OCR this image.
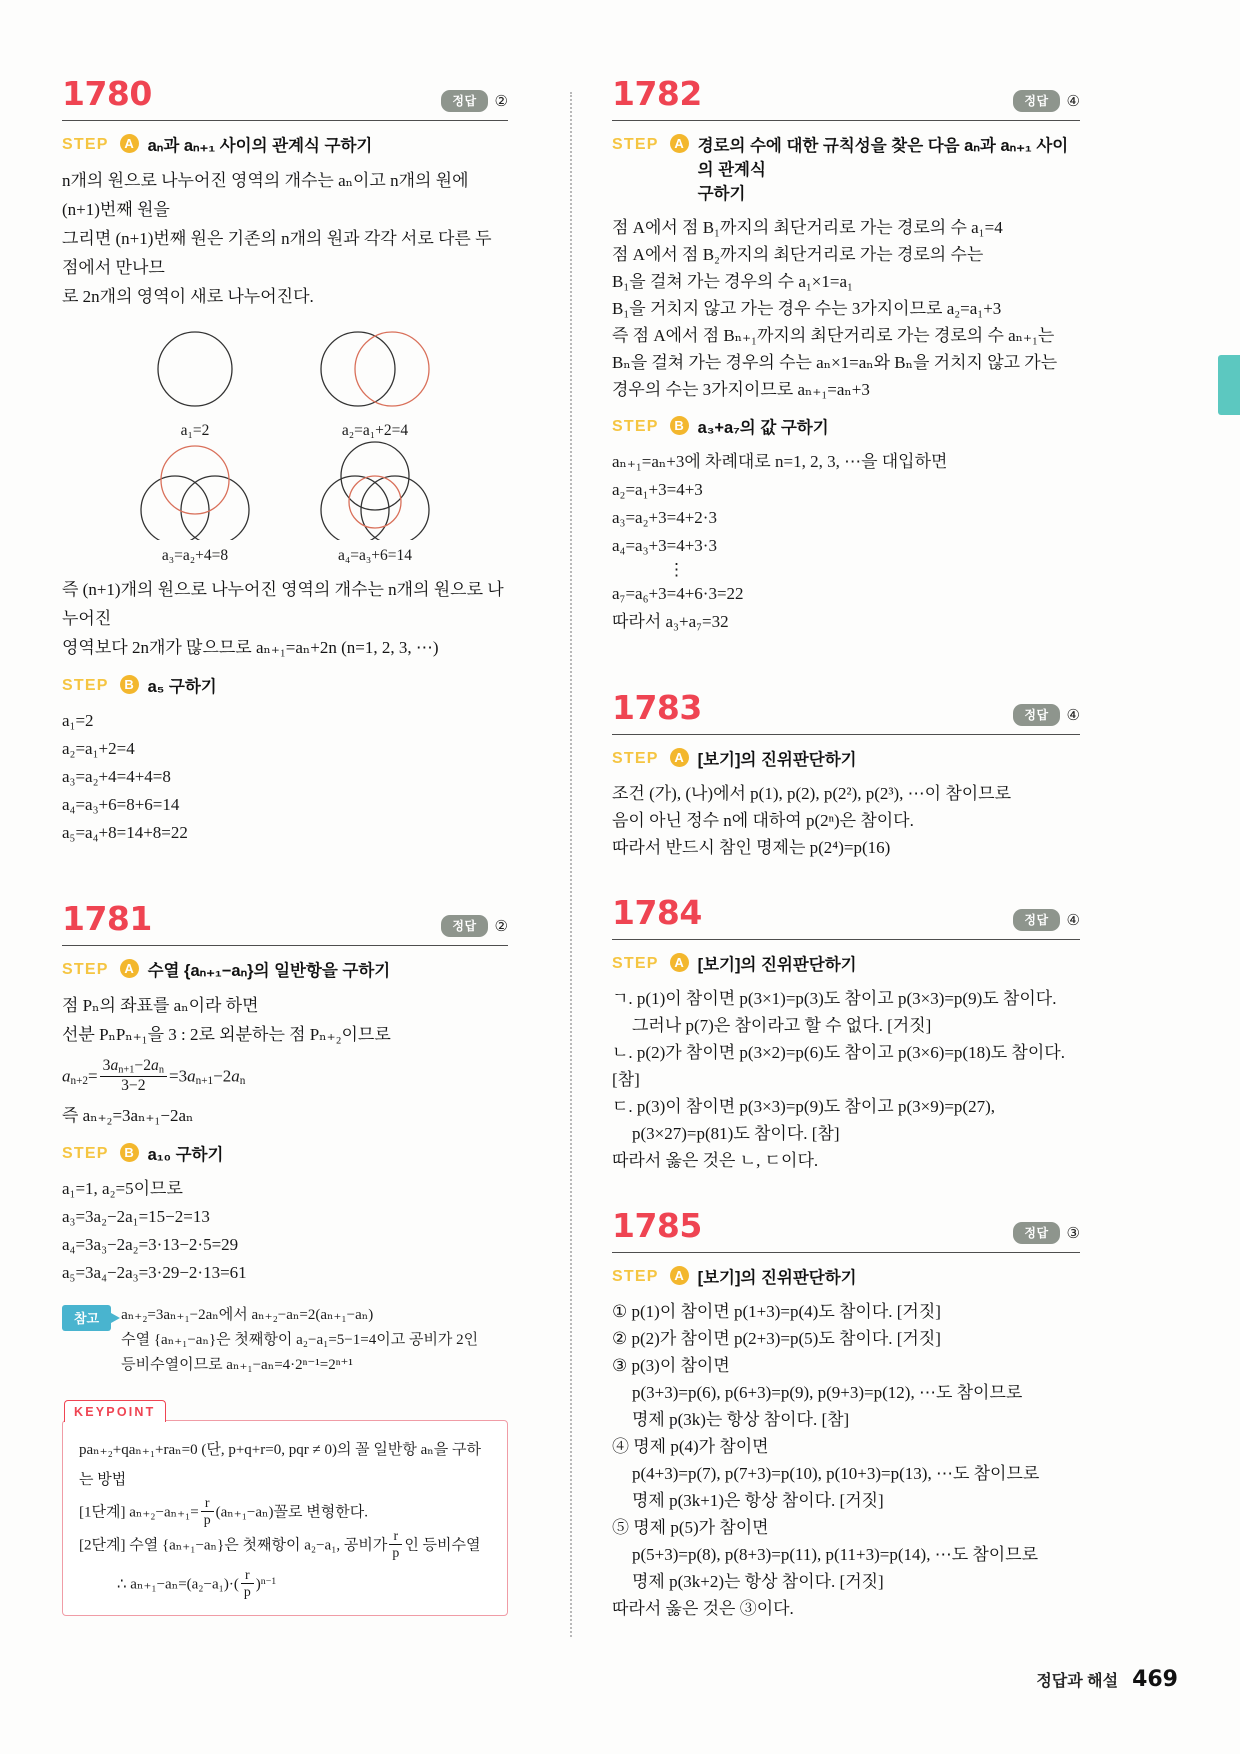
1780	정답	②
STEP	A aₙ과 aₙ₊₁ 사이의 관계식 구하기

n개의 원으로 나누어진 영역의 개수는 aₙ이고 n개의 원에 (n+1)번째 원을

그리면 (n+1)번째 원은 기존의 n개의 원과 각각 서로 다른 두 점에서 만나므

로 2n개의 영역이 새로 나누어진다.

a₁=2	a₂=a₁+2=4
a₃=a₂+4=8	a₄=a₃+6=14

즉 (n+1)개의 원으로 나누어진 영역의 개수는 n개의 원으로 나누어진

영역보다 2n개가 많으므로 aₙ₊₁=aₙ+2n (n=1, 2, 3, ⋯)

STEP	B a₅ 구하기

a₁=2

a₂=a₁+2=4

a₃=a₂+4=4+4=8

a₄=a₃+6=8+6=14

a₅=a₄+8=14+8=22

1781	정답	②
STEP	A 수열 {aₙ₊₁−aₙ}의 일반항을 구하기

점 Pₙ의 좌표를 aₙ이라 하면

선분 PₙPₙ₊₁을 3 : 2로 외분하는 점 Pₙ₊₂이므로

$a_{n+2}= \frac{3a_{n+1}-2a_n}{3-2} =3a_{n+1}-2a_n$

즉 aₙ₊₂=3aₙ₊₁−2aₙ

STEP	B a₁₀ 구하기

a₁=1, a₂=5이므로

a₃=3a₂−2a₁=15−2=13

a₄=3a₃−2a₂=3·13−2·5=29

a₅=3a₄−2a₃=3·29−2·13=61

참고	aₙ₊₂=3aₙ₊₁−2aₙ에서 aₙ₊₂−aₙ=2(aₙ₊₁−aₙ)

수열 {aₙ₊₁−aₙ}은 첫째항이 a₂−a₁=5−1=4이고 공비가 2인

등비수열이므로 aₙ₊₁−aₙ=4·2ⁿ⁻¹=2ⁿ⁺¹

KEYPOINT

paₙ₊₂+qaₙ₊₁+raₙ=0 (단, p+q+r=0, pqr ≠ 0)의 꼴 일반항 aₙ을 구하는 방법

[1단계] $a_{n+2}-a_{n+1}= \frac{r}{p} (a_{n+1}-a_n)$꼴로 변형한다.

[2단계] 수열 {aₙ₊₁−aₙ}은 첫째항이 a₂−a₁, 공비가 $\frac{r}{p}$ 인 등비수열

∴ $a_{n+1}-a_n=(a_2-a_1)\cdot( \frac{r}{p} )^{n-1}$

1782	정답	④
STEP	A 경로의 수에 대한 규칙성을 찾은 다음 aₙ과 aₙ₊₁ 사이의 관계식
구하기

점 A에서 점 B₁까지의 최단거리로 가는 경로의 수 a₁=4

점 A에서 점 B₂까지의 최단거리로 가는 경로의 수는

B₁을 걸쳐 가는 경우의 수 a₁×1=a₁

B₁을 거치지 않고 가는 경우 수는 3가지이므로 a₂=a₁+3

즉 점 A에서 점 Bₙ₊₁까지의 최단거리로 가는 경로의 수 aₙ₊₁는

Bₙ을 걸쳐 가는 경우의 수는 aₙ×1=aₙ와 Bₙ을 거치지 않고 가는

경우의 수는 3가지이므로 aₙ₊₁=aₙ+3

STEP	B a₃+a₇의 값 구하기

aₙ₊₁=aₙ+3에 차례대로 n=1, 2, 3, ⋯을 대입하면

a₂=a₁+3=4+3

a₃=a₂+3=4+2·3

a₄=a₃+3=4+3·3

⋮

a₇=a₆+3=4+6·3=22

따라서 a₃+a₇=32

1783	정답	④
STEP	A [보기]의 진위판단하기

조건 (가), (나)에서 p(1), p(2), p(2²), p(2³), ⋯이 참이므로

음이 아닌 정수 n에 대하여 p(2ⁿ)은 참이다.

따라서 반드시 참인 명제는 p(2⁴)=p(16)

1784	정답	④
STEP	A [보기]의 진위판단하기

ㄱ. p(1)이 참이면 p(3×1)=p(3)도 참이고 p(3×3)=p(9)도 참이다.

그러나 p(7)은 참이라고 할 수 없다. [거짓]

ㄴ. p(2)가 참이면 p(3×2)=p(6)도 참이고 p(3×6)=p(18)도 참이다. [참]

ㄷ. p(3)이 참이면 p(3×3)=p(9)도 참이고 p(3×9)=p(27),

p(3×27)=p(81)도 참이다. [참]

따라서 옳은 것은 ㄴ, ㄷ이다.

1785	정답	③
STEP	A [보기]의 진위판단하기

① p(1)이 참이면 p(1+3)=p(4)도 참이다. [거짓]

② p(2)가 참이면 p(2+3)=p(5)도 참이다. [거짓]

③ p(3)이 참이면

p(3+3)=p(6), p(6+3)=p(9), p(9+3)=p(12), ⋯도 참이므로

명제 p(3k)는 항상 참이다. [참]

④ 명제 p(4)가 참이면

p(4+3)=p(7), p(7+3)=p(10), p(10+3)=p(13), ⋯도 참이므로

명제 p(3k+1)은 항상 참이다. [거짓]

⑤ 명제 p(5)가 참이면

p(5+3)=p(8), p(8+3)=p(11), p(11+3)=p(14), ⋯도 참이므로

명제 p(3k+2)는 항상 참이다. [거짓]

따라서 옳은 것은 ③이다.

정답과 해설 469
